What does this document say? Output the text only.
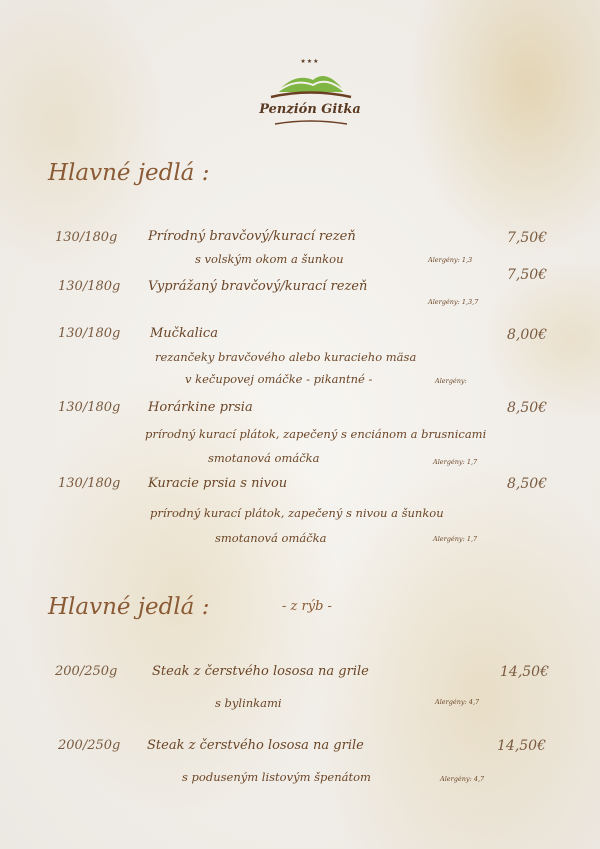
★★★
Penzión Gitka
Hlavné jedlá :
130/180g Prírodný bravčový/kurací rezeň
s volským okom a šunkou	Alergény: 1,3
7,50€
130/180g Vyprážaný bravčový/kurací rezeň
Alergény: 1,3,7
7,50€
130/180g Mučkalica
rezančeky bravčového alebo kuracieho mäsa
v kečupovej omáčke - pikantné -	Alergény:
8,00€
130/180g Horárkine prsia
prírodný kurací plátok, zapečený s enciánom a brusnicami
smotanová omáčka	Alergény: 1,7
8,50€
130/180g Kuracie prsia s nivou
prírodný kurací plátok, zapečený s nivou a šunkou
smotanová omáčka	Alergény: 1,7
8,50€
Hlavné jedlá :	- z rýb -
200/250g	Steak z čerstvého lososa na grile
s bylinkami	Alergény: 4,7
14,50€
200/250g Steak z čerstvého lososa na grile
s podusеným listovým špenátom	Alergény: 4,7
14,50€
